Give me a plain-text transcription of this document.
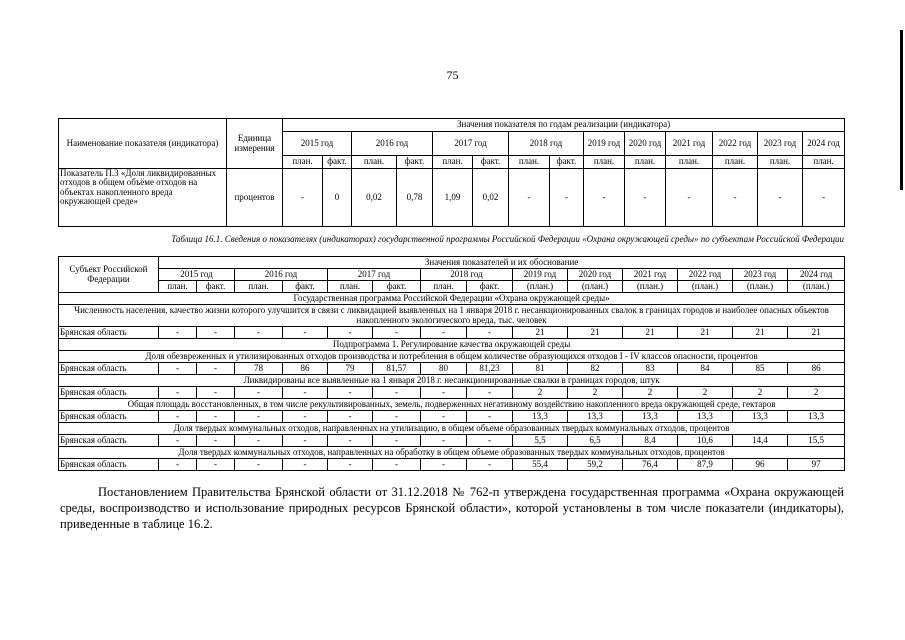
75
Наименование показателя (индикатора)	Единица измерения	Значения показателя по годам реализации (индикатора)													
		2015 год		2016 год		2017 год		2018 год		2019 год	2020 год	2021 год	2022 год	2023 год	2024 год
		план.	факт.	план.	факт.	план.	факт.	план.	факт.	план.	план.	план.	план.	план.	план.
Показатель П.3 «Доля ликвидированных отходов в общем объёме отходов на объектах накопленного вреда окружающей среде»	процентов	-	0	0,02	0,78	1,09	0,02	-	-	-	-	-	-	-	-
Таблица 16.1. Сведения о показателях (индикаторах) государственной программы Российской Федерации «Охрана окружающей среды» по субъектам Российской Федерации
Субъект Российской Федерации	Значения показателей и их обоснование													
	2015 год		2016 год		2017 год		2018 год		2019 год	2020 год	2021 год	2022 год	2023 год	2024 год
	план.	факт.	план.	факт.	план.	факт.	план.	факт.	(план.)	(план.)	(план.)	(план.)	(план.)	(план.)
Государственная программа Российской Федерации «Охрана окружающей среды»														
Численность населения, качество жизни которого улучшится в связи с ликвидацией выявленных на 1 января 2018 г. несанкционированных свалок в границах городов и наиболее опасных объектов накопленного экологического вреда, тыс. человек														
Брянская область	-	-	-	-	-	-	-	-	21	21	21	21	21	21
Подпрограмма 1. Регулирование качества окружающей среды														
Доля обезвреженных и утилизированных отходов производства и потребления в общем количестве образующихся отходов I - IV классов опасности, процентов														
Брянская область	-	-	78	86	79	81,57	80	81,23	81	82	83	84	85	86
Ликвидированы все выявленные на 1 января 2018 г. несанкционированные свалки в границах городов, штук														
Брянская область	-	-	-	-	-	-	-	-	2	2	2	2	2	2
Общая площадь восстановленных, в том числе рекультивированных, земель, подверженных негативному воздействию накопленного вреда окружающей среде, гектаров														
Брянская область	-	-	-	-	-	-	-	-	13,3	13,3	13,3	13,3	13,3	13,3
Доля твердых коммунальных отходов, направленных на утилизацию, в общем объеме образованных твердых коммунальных отходов, процентов														
Брянская область	-	-	-	-	-	-	-	-	5,5	6,5	8,4	10,6	14,4	15,5
Доля твердых коммунальных отходов, направленных на обработку в общем объеме образованных твердых коммунальных отходов, процентов														
Брянская область	-	-	-	-	-	-	-	-	55,4	59,2	76,4	87,9	96	97
Постановлением Правительства Брянской области от 31.12.2018 № 762-п утверждена государственная программа «Охрана окружающей среды, воспроизводство и использование природных ресурсов Брянской области», которой установлены в том числе показатели (индикаторы), приведенные в таблице 16.2.
